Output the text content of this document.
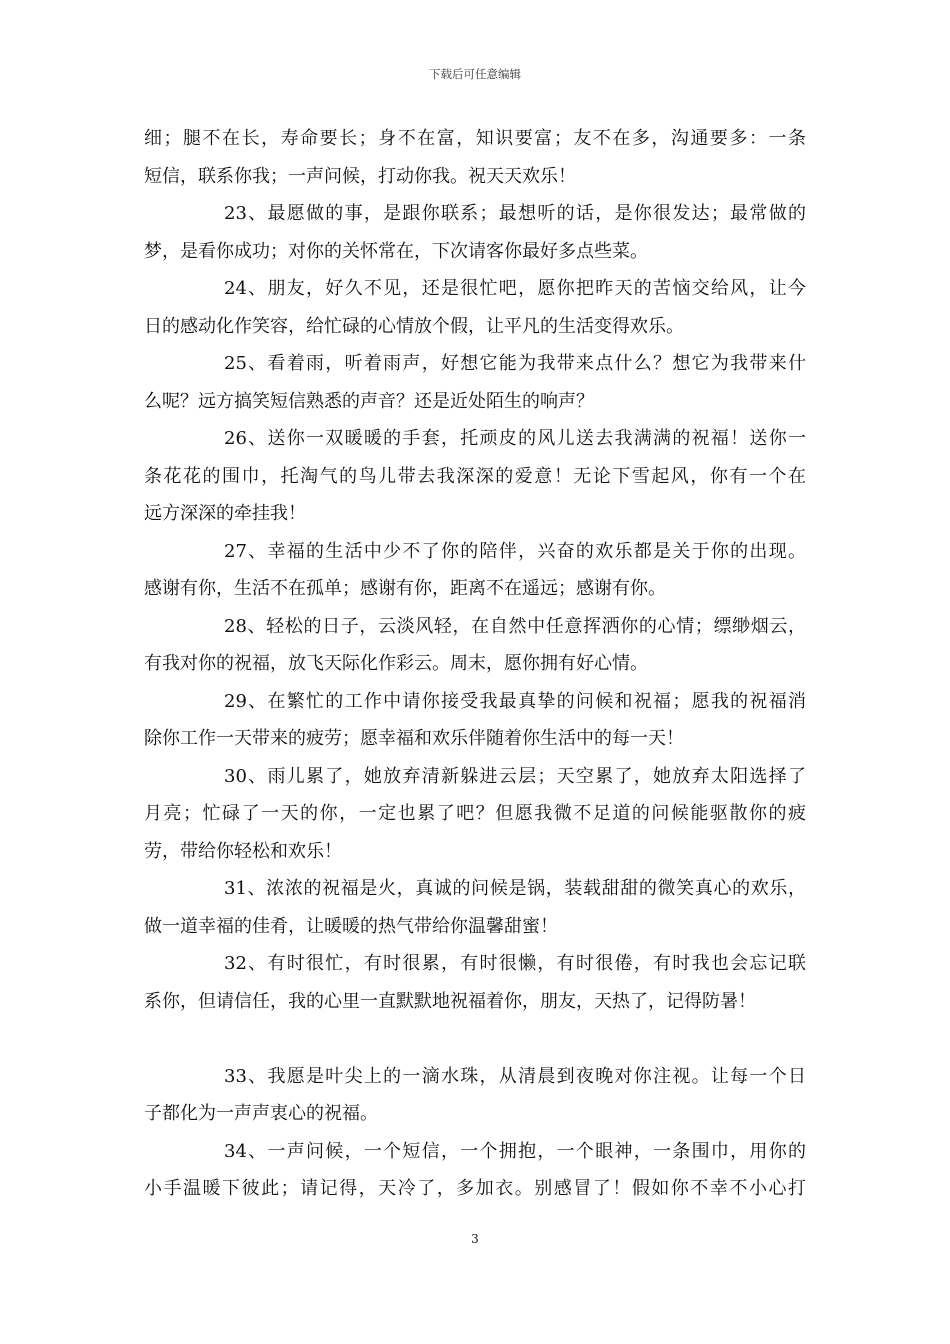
下载后可任意编辑
细；腿不在长，寿命要长；身不在富，知识要富；友不在多，沟通要多：一条
短信，联系你我；一声问候，打动你我。祝天天欢乐！
23、最愿做的事，是跟你联系；最想听的话，是你很发达；最常做的
梦，是看你成功；对你的关怀常在，下次请客你最好多点些菜。
24、朋友，好久不见，还是很忙吧，愿你把昨天的苦恼交给风，让今
日的感动化作笑容，给忙碌的心情放个假，让平凡的生活变得欢乐。
25、看着雨，听着雨声，好想它能为我带来点什么？想它为我带来什
么呢？远方搞笑短信熟悉的声音？还是近处陌生的响声？
26、送你一双暖暖的手套，托顽皮的风儿送去我满满的祝福！送你一
条花花的围巾，托淘气的鸟儿带去我深深的爱意！无论下雪起风，你有一个在
远方深深的牵挂我！
27、幸福的生活中少不了你的陪伴，兴奋的欢乐都是关于你的出现。
感谢有你，生活不在孤单；感谢有你，距离不在遥远；感谢有你。
28、轻松的日子，云淡风轻，在自然中任意挥洒你的心情；缥缈烟云，
有我对你的祝福，放飞天际化作彩云。周末，愿你拥有好心情。
29、在繁忙的工作中请你接受我最真挚的问候和祝福；愿我的祝福消
除你工作一天带来的疲劳；愿幸福和欢乐伴随着你生活中的每一天！
30、雨儿累了，她放弃清新躲进云层；天空累了，她放弃太阳选择了
月亮；忙碌了一天的你，一定也累了吧？但愿我微不足道的问候能驱散你的疲
劳，带给你轻松和欢乐！
31、浓浓的祝福是火，真诚的问候是锅，装载甜甜的微笑真心的欢乐，
做一道幸福的佳肴，让暖暖的热气带给你温馨甜蜜！
32、有时很忙，有时很累，有时很懒，有时很倦，有时我也会忘记联
系你，但请信任，我的心里一直默默地祝福着你，朋友，天热了，记得防暑！
33、我愿是叶尖上的一滴水珠，从清晨到夜晚对你注视。让每一个日
子都化为一声声衷心的祝福。
34、一声问候，一个短信，一个拥抱，一个眼神，一条围巾，用你的
小手温暖下彼此；请记得，天冷了，多加衣。别感冒了！假如你不幸不小心打
3
